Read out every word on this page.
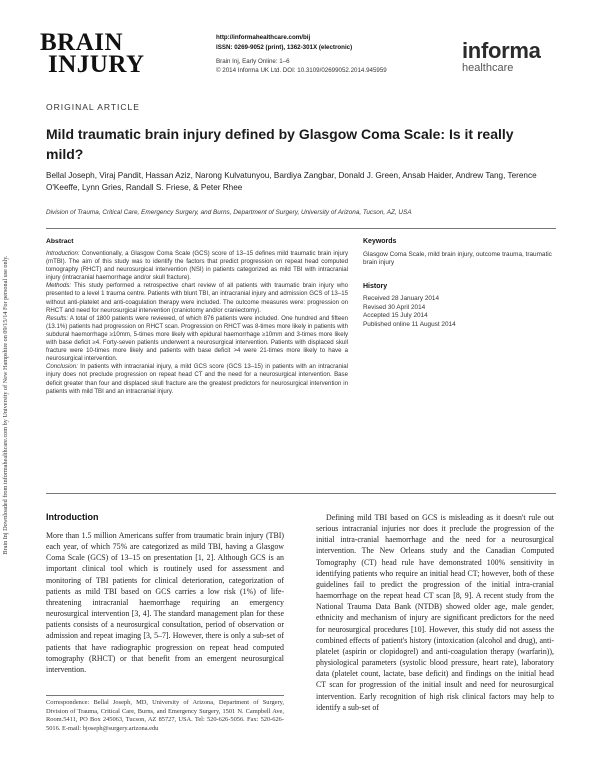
Brain Inj Downloaded from informahealthcare.com by University of New Hampshire on 09/15/14 For personal use only.
BRAIN
INJURY
http://informahealthcare.com/bij
ISSN: 0269-9052 (print), 1362-301X (electronic)
Brain Inj, Early Online: 1–6
© 2014 Informa UK Ltd. DOI: 10.3109/02699052.2014.945959
informa
healthcare
ORIGINAL ARTICLE
Mild traumatic brain injury defined by Glasgow Coma Scale: Is it really mild?
Bellal Joseph, Viraj Pandit, Hassan Aziz, Narong Kulvatunyou, Bardiya Zangbar, Donald J. Green, Ansab Haider, Andrew Tang, Terence O'Keeffe, Lynn Gries, Randall S. Friese, & Peter Rhee
Division of Trauma, Critical Care, Emergency Surgery, and Burns, Department of Surgery, University of Arizona, Tucson, AZ, USA
Abstract

Introduction: Conventionally, a Glasgow Coma Scale (GCS) score of 13–15 defines mild traumatic brain injury (mTBI). The aim of this study was to identify the factors that predict progression on repeat head computed tomography (RHCT) and neurosurgical intervention (NSI) in patients categorized as mild TBI with intracranial injury (intracranial haemorrhage and/or skull fracture).

Methods: This study performed a retrospective chart review of all patients with traumatic brain injury who presented to a level 1 trauma centre. Patients with blunt TBI, an intracranial injury and admission GCS of 13–15 without anti-platelet and anti-coagulation therapy were included. The outcome measures were: progression on RHCT and need for neurosurgical intervention (craniotomy and/or craniectomy).

Results: A total of 1800 patients were reviewed, of which 876 patients were included. One hundred and fifteen (13.1%) patients had progression on RHCT scan. Progression on RHCT was 8-times more likely in patients with subdural haemorrhage ≥10mm, 5-times more likely with epidural haemorrhage ≥10mm and 3-times more likely with base deficit ≥4. Forty-seven patients underwent a neurosurgical intervention. Patients with displaced skull fracture were 10-times more likely and patients with base deficit >4 were 21-times more likely to have a neurosurgical intervention.

Conclusion: In patients with intracranial injury, a mild GCS score (GCS 13–15) in patients with an intracranial injury does not preclude progression on repeat head CT and the need for a neurosurgical intervention. Base deficit greater than four and displaced skull fracture are the greatest predictors for neurosurgical intervention in patients with mild TBI and an intracranial injury.

Keywords
Glasgow Coma Scale, mild brain injury, outcome trauma, traumatic brain injury
History
Received 28 January 2014
Revised 30 April 2014
Accepted 15 July 2014
Published online 11 August 2014
Introduction

More than 1.5 million Americans suffer from traumatic brain injury (TBI) each year, of which 75% are categorized as mild TBI, having a Glasgow Coma Scale (GCS) of 13–15 on presentation [1, 2]. Although GCS is an important clinical tool which is routinely used for assessment and monitoring of TBI patients for clinical deterioration, categorization of patients as mild TBI based on GCS carries a low risk (1%) of life-threatening intracranial haemorrhage requiring an emergency neurosurgical intervention [3, 4]. The standard management plan for these patients consists of a neurosurgical consultation, period of observation or admission and repeat imaging [3, 5–7]. However, there is only a sub-set of patients that have radiographic progression on repeat head computed tomography (RHCT) or that benefit from an emergent neurosurgical intervention.

Defining mild TBI based on GCS is misleading as it doesn't rule out serious intracranial injuries nor does it preclude the progression of the initial intra-cranial haemorrhage and the need for a neurosurgical intervention. The New Orleans study and the Canadian Computed Tomography (CT) head rule have demonstrated 100% sensitivity in identifying patients who require an initial head CT; however, both of these guidelines fail to predict the progression of the initial intra-cranial haemorrhage on the repeat head CT scan [8, 9]. A recent study from the National Trauma Data Bank (NTDB) showed older age, male gender, ethnicity and mechanism of injury are significant predictors for the need for neurosurgical procedures [10]. However, this study did not assess the combined effects of patient's history (intoxication (alcohol and drug), anti-platelet (aspirin or clopidogrel) and anti-coagulation therapy (warfarin)), physiological parameters (systolic blood pressure, heart rate), laboratory data (platelet count, lactate, base deficit) and findings on the initial head CT scan for progression of the initial insult and need for neurosurgical intervention. Early recognition of high risk clinical factors may help to identify a sub-set of

Correspondence: Bellal Joseph, MD, University of Arizona, Department of Surgery, Division of Trauma, Critical Care, Burns, and Emergency Surgery, 1501 N. Campbell Ave, Room.5411, PO Box 245063, Tucson, AZ 85727, USA. Tel: 520-626-5056. Fax: 520-626-5016. E-mail: bjoseph@surgery.arizona.edu
